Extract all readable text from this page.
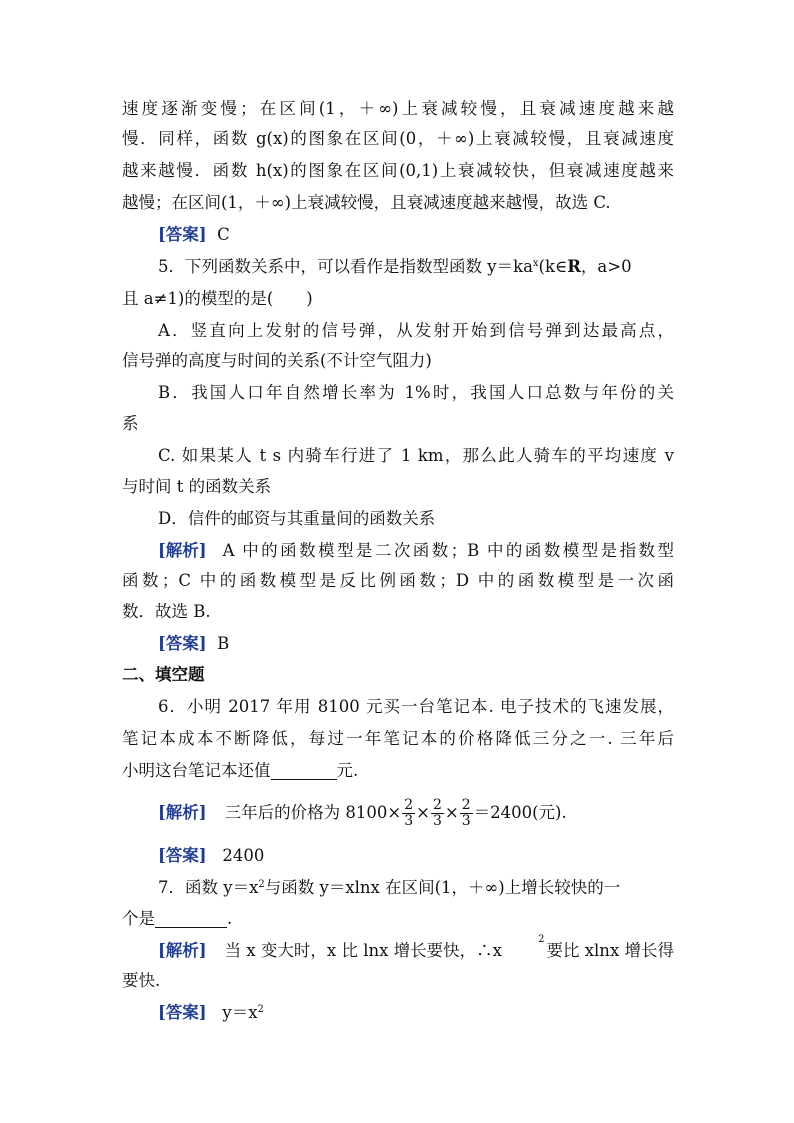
速度逐渐变慢；在区间(1，＋∞)上衰减较慢，且衰减速度越来越
慢．同样，函数 g(x)的图象在区间(0，＋∞)上衰减较慢，且衰减速度
越来越慢．函数 h(x)的图象在区间(0,1)上衰减较快，但衰减速度越来
越慢；在区间(1，＋∞)上衰减较慢，且衰减速度越来越慢，故选 C.
[答案] C
5．下列函数关系中，可以看作是指数型函数 $y=ka^x(k\in R$，a>0
且 a≠1)的模型的是(　　)
A．竖直向上发射的信号弹，从发射开始到信号弹到达最高点，
信号弹的高度与时间的关系(不计空气阻力)
B．我国人口年自然增长率为 1%时，我国人口总数与年份的关
系
C. 如果某人 t s 内骑车行进了 1 km，那么此人骑车的平均速度 v
与时间 t 的函数关系
D．信件的邮资与其重量间的函数关系
[解析] A 中的函数模型是二次函数；B 中的函数模型是指数型
函数；C 中的函数模型是反比例函数；D 中的函数模型是一次函
数．故选 B.
[答案] B
二、填空题
6．小明 2017 年用 8100 元买一台笔记本. 电子技术的飞速发展，
笔记本成本不断降低，每过一年笔记本的价格降低三分之一. 三年后
小明这台笔记本还值	元.
[解析] 三年后的价格为 $8100\times \frac{2}{3} \times \frac{2}{3} \times \frac{2}{3} =2400$(元).
[答案] 2400
7．函数 $y=x^2$与函数 y＝xlnx 在区间(1，＋∞)上增长较快的一
个是	.
[解析] 当 x 变大时，x 比 lnx 增长要快，∴x
2
要比 xlnx 增长得
要快.
[答案] $y=x^2$
